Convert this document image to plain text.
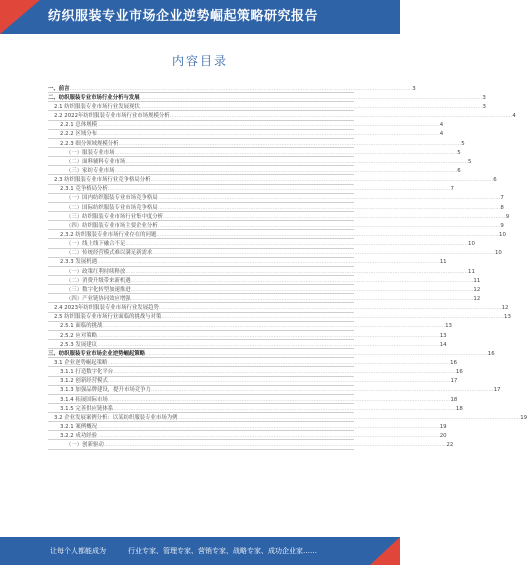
纺织服装专业市场企业逆势崛起策略研究报告
内容目录
一、前言 ........................................................................................................................................................................................................ 3
二、纺织服装专业市场行业分析与发展 ........................................................................................................................................................................................................ 3
2.1 纺织服装专业市场行业发展现状 ........................................................................................................................................................................................................ 3
2.2 2022年纺织服装专业市场行业市场规模分析 ........................................................................................................................................................................................................ 4
2.2.1 总体规模 ........................................................................................................................................................................................................ 4
2.2.2 区域分布 ........................................................................................................................................................................................................ 4
2.2.3 细分领域规模分析 ........................................................................................................................................................................................................ 5
（一）服装专业市场 ........................................................................................................................................................................................................ 5
（二）面料辅料专业市场 ........................................................................................................................................................................................................ 5
（三）家纺专业市场 ........................................................................................................................................................................................................ 6
2.3 纺织服装专业市场行业竞争格局分析 ........................................................................................................................................................................................................ 6
2.3.1 竞争格局分析 ........................................................................................................................................................................................................ 7
（一）国内纺织服装专业市场竞争格局 ........................................................................................................................................................................................................ 7
（二）国际纺织服装专业市场竞争格局 ........................................................................................................................................................................................................ 8
（三）纺织服装专业市场行业集中度分析 ........................................................................................................................................................................................................ 9
（四）纺织服装专业市场主要企业分析 ........................................................................................................................................................................................................ 9
2.3.2 纺织服装专业市场行业存在的问题 ........................................................................................................................................................................................................ 10
（一）线上线下融合不足 ........................................................................................................................................................................................................ 10
（二）传统经营模式难以满足新需求 ........................................................................................................................................................................................................ 10
2.3.3 发展机遇 ........................................................................................................................................................................................................ 11
（一）政策红利持续释放 ........................................................................................................................................................................................................ 11
（二）消费升级带来新机遇 ........................................................................................................................................................................................................ 11
（三）数字化转型加速推进 ........................................................................................................................................................................................................ 12
（四）产业链协同效应增强 ........................................................................................................................................................................................................ 12
2.4 2023年纺织服装专业市场行业发展趋势 ........................................................................................................................................................................................................ 12
2.5 纺织服装专业市场行业面临的挑战与对策 ........................................................................................................................................................................................................ 13
2.5.1 面临的挑战 ........................................................................................................................................................................................................ 13
2.5.2 应对策略 ........................................................................................................................................................................................................ 13
2.5.3 发展建议 ........................................................................................................................................................................................................ 14
三、纺织服装专业市场企业逆势崛起策略 ........................................................................................................................................................................................................ 16
3.1 企业逆势崛起策略 ........................................................................................................................................................................................................ 16
3.1.1 打造数字化平台 ........................................................................................................................................................................................................ 16
3.1.2 创新经营模式 ........................................................................................................................................................................................................ 17
3.1.3 加强品牌建设，提升市场竞争力 ........................................................................................................................................................................................................ 17
3.1.4 拓展国际市场 ........................................................................................................................................................................................................ 18
3.1.5 完善供应链体系 ........................................................................................................................................................................................................ 18
3.2 企业发展案例分析：以某纺织服装专业市场为例 ........................................................................................................................................................................................................ 19
3.2.1 案例概况 ........................................................................................................................................................................................................ 19
3.2.2 成功经验 ........................................................................................................................................................................................................ 20
（一）创新驱动 ........................................................................................................................................................................................................ 22
让每个人都能成为	行业专家、管理专家、营销专家、战略专家、成功企业家……
